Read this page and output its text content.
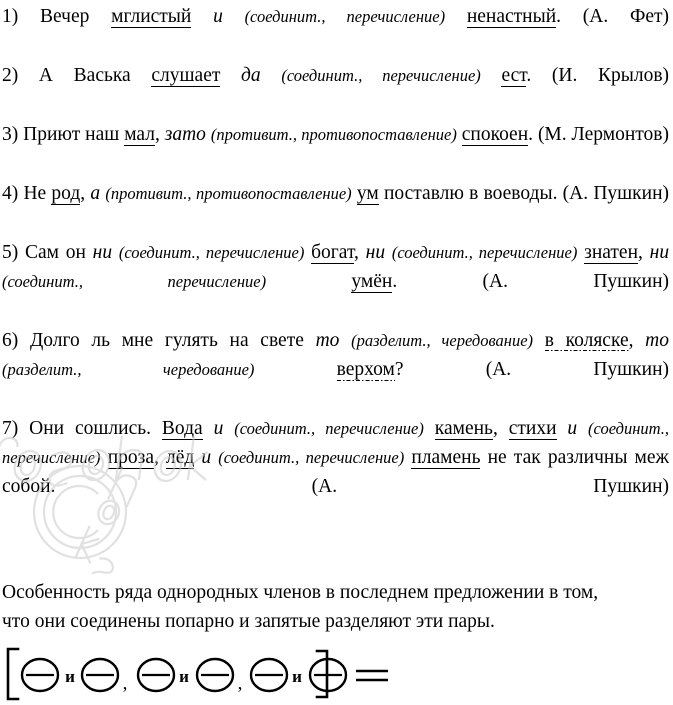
1) Вечер мглистый и (соединит., перечисление) ненастный. (А. Фет)

2) А Васька слушает да (соединит., перечисление) ест. (И. Крылов)

3) Приют наш мал, зато (противит., противопоставление) спокоен. (М. Лермонтов)

4) Не род, а (противит., противопоставление) ум поставлю в воеводы. (А. Пушкин)

5) Сам он ни (соединит., перечисление) богат, ни (соединит., перечисление) знатен, ни (соединит., перечисление)	умён. (А. Пушкин)

6) Долго ль мне гулять на свете то (разделит., чередование) в коляске, то (разделит., чередование)	верхом? (А. Пушкин)

7) Они сошлись. Вода и (соединит., перечисление) камень, стихи и (соединит., перечисление) проза, лёд и (соединит., перечисление) пламень не так различны меж собой. (А. Пушкин)

Особенность ряда однородных членов в последнем предложении в том,

что они соединены попарно и запятые разделяют эти пары.

и	,	и	,	и
